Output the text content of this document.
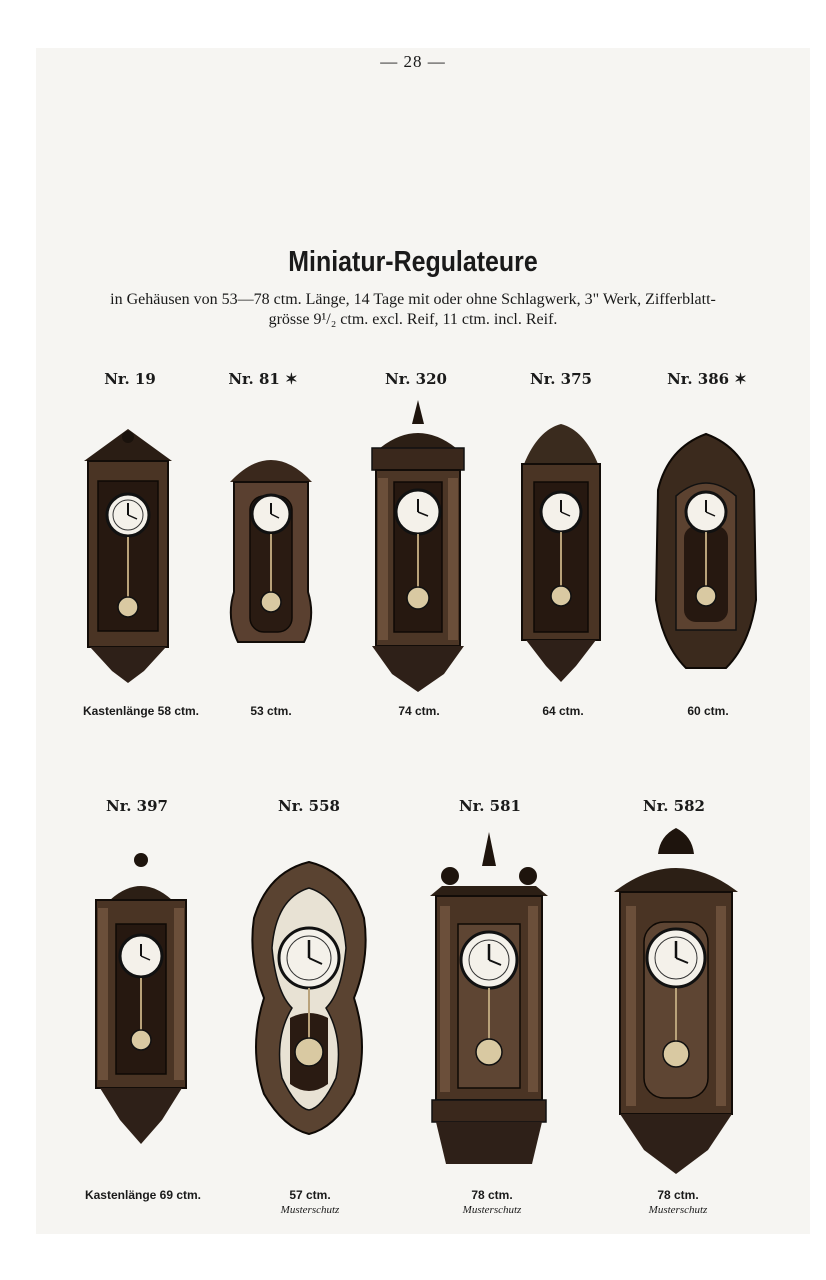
— 28 —
Miniatur-Regulateure
in Gehäusen von 53—78 ctm. Länge, 14 Tage mit oder ohne Schlagwerk, 3" Werk, Zifferblatt-
grösse 9¹/₂ ctm. excl. Reif, 11 ctm. incl. Reif.
Nr. 19	Nr. 81 ✶	Nr. 320	Nr. 375	Nr. 386 ✶
Kastenlänge 58 ctm.	53 ctm.	74 ctm.	64 ctm.	60 ctm.
Nr. 397	Nr. 558	Nr. 581	Nr. 582
Kastenlänge 69 ctm.	57 ctm.	78 ctm.	78 ctm.
Musterschutz	Musterschutz	Musterschutz
